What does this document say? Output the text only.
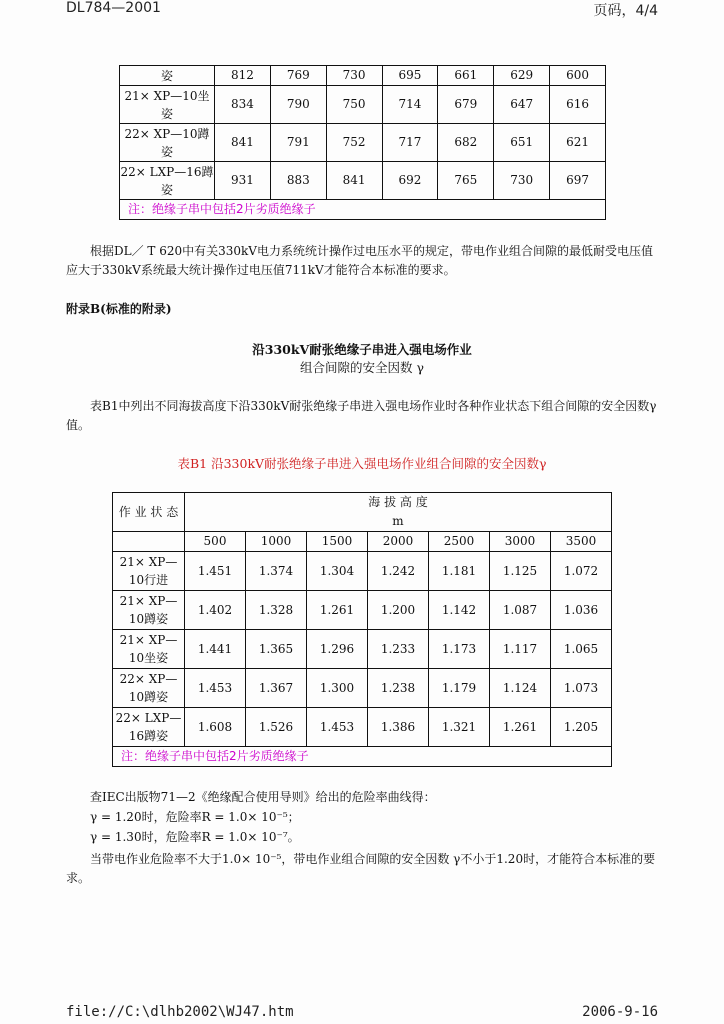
DL784—2001	页码，4/4
姿	812	769	730	695	661	629	600
21× XP—10坐姿	834	790	750	714	679	647	616
22× XP—10蹲姿	841	791	752	717	682	651	621
22× LXP—16蹲姿	931	883	841	692	765	730	697
注：绝缘子串中包括2片劣质绝缘子							
根据DL／ T 620中有关330kV电力系统统计操作过电压水平的规定，带电作业组合间隙的最低耐受电压值应大于330kV系统最大统计操作过电压值711kV才能符合本标准的要求。
附录B(标准的附录)
沿330kV耐张绝缘子串进入强电场作业
组合间隙的安全因数 γ
表B1中列出不同海拔高度下沿330kV耐张绝缘子串进入强电场作业时各种作业状态下组合间隙的安全因数γ值。
表B1 沿330kV耐张绝缘子串进入强电场作业组合间隙的安全因数γ
作 业 状 态	海 拔 高 度						
	m						
	500	1000	1500	2000	2500	3000	3500
21× XP—10行进	1.451	1.374	1.304	1.242	1.181	1.125	1.072
21× XP—10蹲姿	1.402	1.328	1.261	1.200	1.142	1.087	1.036
21× XP—10坐姿	1.441	1.365	1.296	1.233	1.173	1.117	1.065
22× XP—10蹲姿	1.453	1.367	1.300	1.238	1.179	1.124	1.073
22× LXP—16蹲姿	1.608	1.526	1.453	1.386	1.321	1.261	1.205
注：绝缘子串中包括2片劣质绝缘子							
查IEC出版物71—2《绝缘配合使用导则》给出的危险率曲线得：
γ = 1.20时，危险率R = 1.0× 10⁻⁵；
γ = 1.30时，危险率R = 1.0× 10⁻⁷。
当带电作业危险率不大于1.0× 10⁻⁵，带电作业组合间隙的安全因数 γ不小于1.20时，才能符合本标准的要求。
file://C:\dlhb2002\WJ47.htm	2006-9-16
